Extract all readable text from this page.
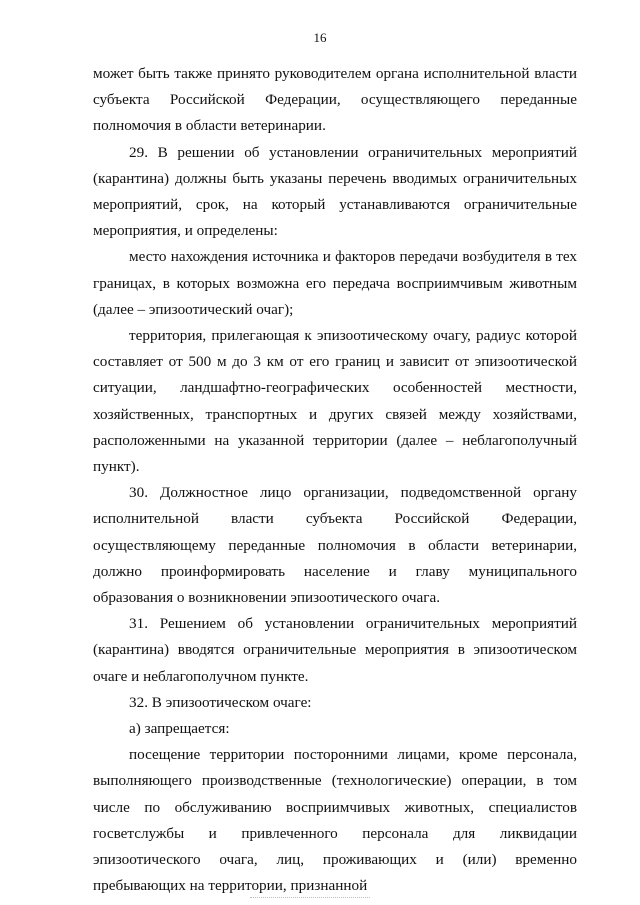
16

может быть также принято руководителем органа исполнительной власти субъекта Российской Федерации, осуществляющего переданные полномочия в области ветеринарии.

29. В решении об установлении ограничительных мероприятий (карантина) должны быть указаны перечень вводимых ограничительных мероприятий, срок, на который устанавливаются ограничительные мероприятия, и определены:

место нахождения источника и факторов передачи возбудителя в тех границах, в которых возможна его передача восприимчивым животным (далее – эпизоотический очаг);

территория, прилегающая к эпизоотическому очагу, радиус которой составляет от 500 м до 3 км от его границ и зависит от эпизоотической ситуации, ландшафтно-географических особенностей местности, хозяйственных, транспортных и других связей между хозяйствами, расположенными на указанной территории (далее – неблагополучный пункт).

30. Должностное лицо организации, подведомственной органу исполнительной власти субъекта Российской Федерации, осуществляющему переданные полномочия в области ветеринарии, должно проинформировать население и главу муниципального образования о возникновении эпизоотического очага.

31. Решением об установлении ограничительных мероприятий (карантина) вводятся ограничительные мероприятия в эпизоотическом очаге и неблагополучном пункте.

32. В эпизоотическом очаге:

а) запрещается:

посещение территории посторонними лицами, кроме персонала, выполняющего производственные (технологические) операции, в том числе по обслуживанию восприимчивых животных, специалистов госветслужбы и привлеченного персонала для ликвидации эпизоотического очага, лиц, проживающих и (или) временно пребывающих на территории, признанной
